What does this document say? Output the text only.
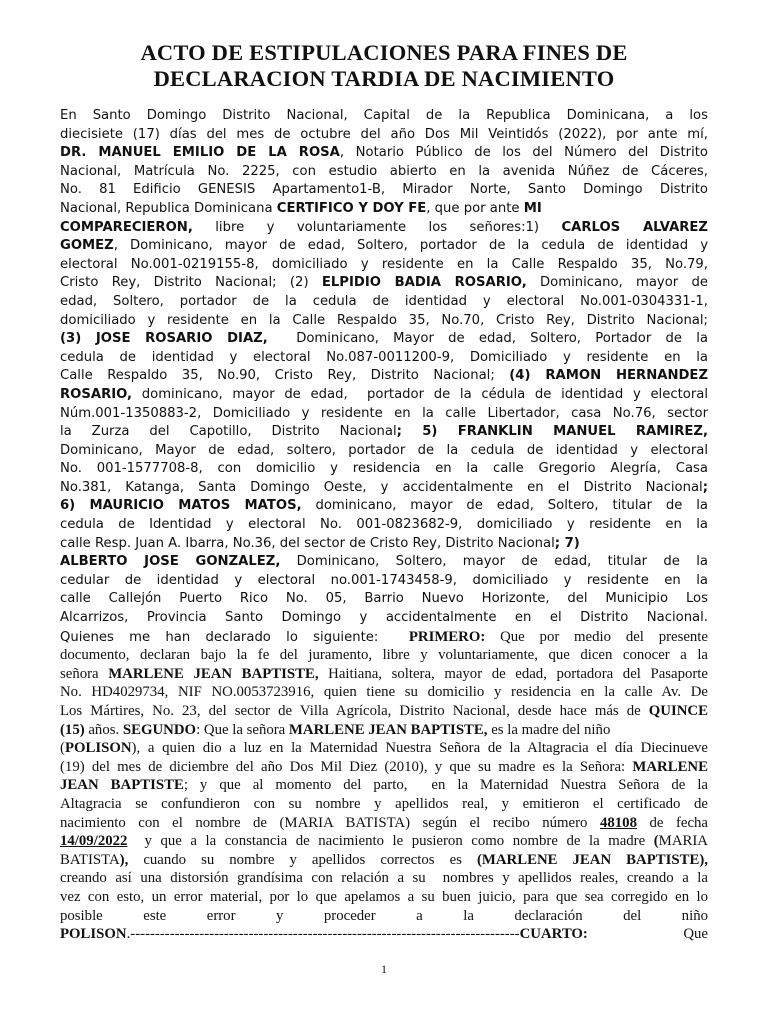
ACTO DE ESTIPULACIONES PARA FINES DE
DECLARACION TARDIA DE NACIMIENTO
En Santo Domingo Distrito Nacional, Capital de la Republica Dominicana, a los
diecisiete (17) días del mes de octubre del año Dos Mil Veintidós (2022), por ante mí,
DR. MANUEL EMILIO DE LA ROSA, Notario Público de los del Número del Distrito
Nacional, Matrícula No. 2225, con estudio abierto en la avenida Núñez de Cáceres,
No. 81 Edificio GENESIS Apartamento1-B, Mirador Norte, Santo Domingo Distrito
Nacional, Republica Dominicana CERTIFICO Y DOY FE, que por ante MI
COMPARECIERON, libre y voluntariamente los señores:1) CARLOS ALVAREZ
GOMEZ, Dominicano, mayor de edad, Soltero, portador de la cedula de identidad y
electoral No.001-0219155-8, domiciliado y residente en la Calle Respaldo 35, No.79,
Cristo Rey, Distrito Nacional; (2) ELPIDIO BADIA ROSARIO, Dominicano, mayor de
edad, Soltero, portador de la cedula de identidad y electoral No.001-0304331-1,
domiciliado y residente en la Calle Respaldo 35, No.70, Cristo Rey, Distrito Nacional;
(3) JOSE ROSARIO DIAZ,  Dominicano, Mayor de edad, Soltero, Portador de la
cedula de identidad y electoral No.087-0011200-9, Domiciliado y residente en la
Calle Respaldo 35, No.90, Cristo Rey, Distrito Nacional; (4) RAMON HERNANDEZ
ROSARIO, dominicano, mayor de edad,  portador de la cédula de identidad y electoral
Núm.001-1350883-2, Domiciliado y residente en la calle Libertador, casa No.76, sector
la Zurza del Capotillo, Distrito Nacional; 5) FRANKLIN MANUEL RAMIREZ,
Dominicano, Mayor de edad, soltero, portador de la cedula de identidad y electoral
No. 001-1577708-8, con domicilio y residencia en la calle Gregorio Alegría, Casa
No.381, Katanga, Santa Domingo Oeste, y accidentalmente en el Distrito Nacional;
6) MAURICIO MATOS MATOS, dominicano, mayor de edad, Soltero, titular de la
cedula de Identidad y electoral No. 001-0823682-9, domiciliado y residente en la
calle Resp. Juan A. Ibarra, No.36, del sector de Cristo Rey, Distrito Nacional; 7)
ALBERTO JOSE GONZALEZ, Dominicano, Soltero, mayor de edad, titular de la
cedular de identidad y electoral no.001-1743458-9, domiciliado y residente en la
calle Callejón Puerto Rico No. 05, Barrio Nuevo Horizonte, del Municipio Los
Alcarrizos, Provincia Santo Domingo y accidentalmente en el Distrito Nacional.
Quienes me han declarado lo siguiente:  PRIMERO: Que por medio del presente
documento, declaran bajo la fe del juramento, libre y voluntariamente, que dicen conocer a la
señora MARLENE JEAN BAPTISTE, Haitiana, soltera, mayor de edad, portadora del Pasaporte
No. HD4029734, NIF NO.0053723916, quien tiene su domicilio y residencia en la calle Av. De
Los Mártires, No. 23, del sector de Villa Agrícola, Distrito Nacional, desde hace más de QUINCE
(15) años. SEGUNDO: Que la señora MARLENE JEAN BAPTISTE, es la madre del niño
(POLISON), a quien dio a luz en la Maternidad Nuestra Señora de la Altagracia el día Diecinueve
(19) del mes de diciembre del año Dos Mil Diez (2010), y que su madre es la Señora: MARLENE
JEAN BAPTISTE; y que al momento del parto,  en la Maternidad Nuestra Señora de la
Altagracia se confundieron con su nombre y apellidos real, y emitieron el certificado de
nacimiento con el nombre de (MARIA BATISTA) según el recibo número 48108 de fecha
14/09/2022  y que a la constancia de nacimiento le pusieron como nombre de la madre (MARIA
BATISTA), cuando su nombre y apellidos correctos es (MARLENE JEAN BAPTISTE),
creando así una distorsión grandísima con relación a su  nombres y apellidos reales, creando a la
vez con esto, un error material, por lo que apelamos a su buen juicio, para que sea corregido en lo
posible este error y proceder a la declaración del niño
POLISON.-------------------------------------------------------------------------------CUARTO:        Que
1
